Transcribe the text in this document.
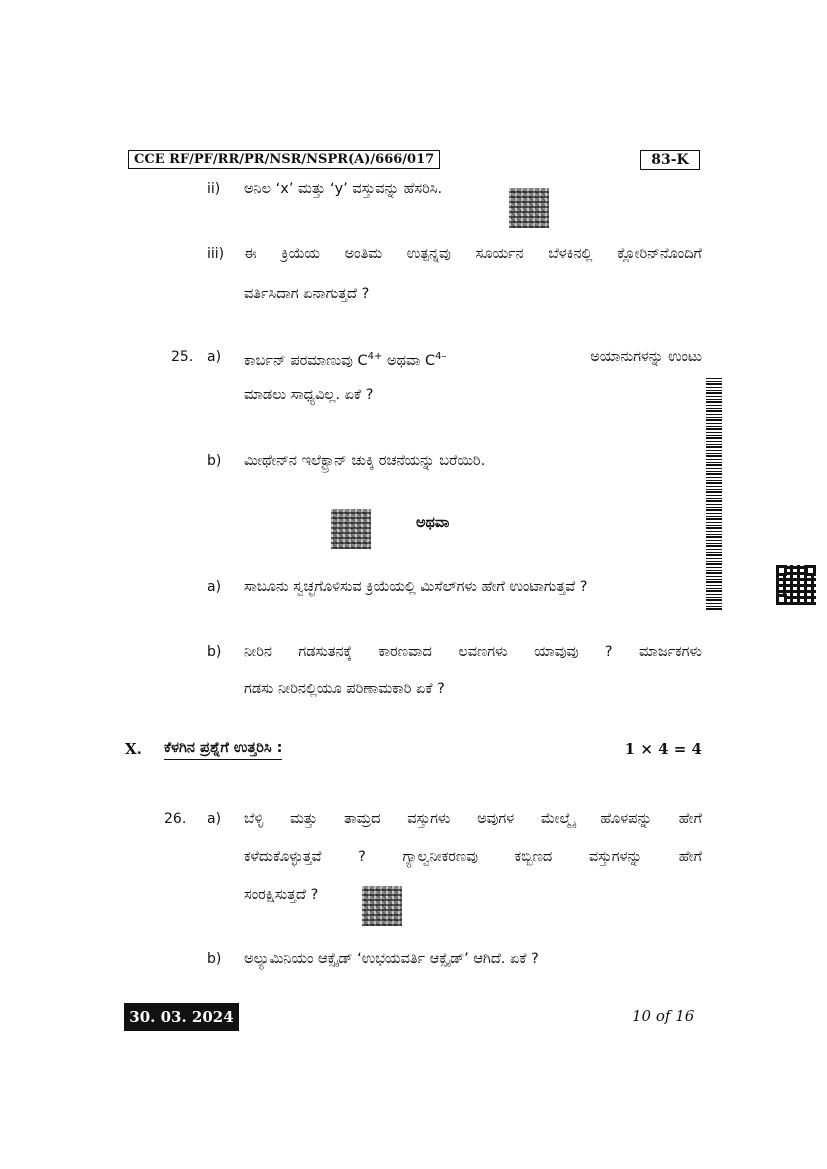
CCE RF/PF/RR/PR/NSR/NSPR(A)/666/017	83-K
ii) ಅನಿಲ ‘x’ ಮತ್ತು ‘y’ ವಸ್ತುವನ್ನು ಹೆಸರಿಸಿ.
iii) ಈ ಕ್ರಿಯೆಯ ಅಂತಿಮ ಉತ್ಪನ್ನವು ಸೂರ್ಯನ ಬೆಳಕಿನಲ್ಲಿ ಕ್ಲೋರಿನ್‌ನೊಂದಿಗೆ
ವರ್ತಿಸಿದಾಗ ಏನಾಗುತ್ತದೆ ?
25. a) ಕಾರ್ಬನ್ ಪರಮಾಣುವು $C^{4+}$ ಅಥವಾ $C^{4-}$	ಅಯಾನುಗಳನ್ನು ಉಂಟು
ಮಾಡಲು ಸಾಧ್ಯವಿಲ್ಲ. ಏಕೆ ?
b) ಮೀಥೇನ್‌ನ ಇಲೆಕ್ಟ್ರಾನ್ ಚುಕ್ಕಿ ರಚನೆಯನ್ನು ಬರೆಯಿರಿ.
ಅಥವಾ
a) ಸಾಬೂನು ಸ್ವಚ್ಛಗೊಳಿಸುವ ಕ್ರಿಯೆಯಲ್ಲಿ ಮಿಸೆಲ್‌ಗಳು ಹೇಗೆ ಉಂಟಾಗುತ್ತವೆ ?
b) ನೀರಿನ ಗಡಸುತನಕ್ಕೆ ಕಾರಣವಾದ ಲವಣಗಳು ಯಾವುವು ? ಮಾರ್ಜಕಗಳು
ಗಡಸು ನೀರಿನಲ್ಲಿಯೂ ಪರಿಣಾಮಕಾರಿ ಏಕೆ ?
X. ಕೆಳಗಿನ ಪ್ರಶ್ನೆಗೆ ಉತ್ತರಿಸಿ :	1 × 4 = 4
26. a) ಬೆಳ್ಳಿ ಮತ್ತು ತಾಮ್ರದ ವಸ್ತುಗಳು ಅವುಗಳ ಮೇಲ್ಮೈ ಹೊಳಪನ್ನು ಹೇಗೆ
ಕಳೆದುಕೊಳ್ಳುತ್ತವೆ ? ಗ್ಯಾಲ್ವನೀಕರಣವು ಕಬ್ಬಿಣದ ವಸ್ತುಗಳನ್ನು ಹೇಗೆ
ಸಂರಕ್ಷಿಸುತ್ತದೆ ?
b) ಅಲ್ಯುಮಿನಿಯಂ ಆಕ್ಸೈಡ್ ‘ಉಭಯವರ್ತಿ ಆಕ್ಸೈಡ್’ ಆಗಿದೆ. ಏಕೆ ?
30. 03. 2024	10 of 16
